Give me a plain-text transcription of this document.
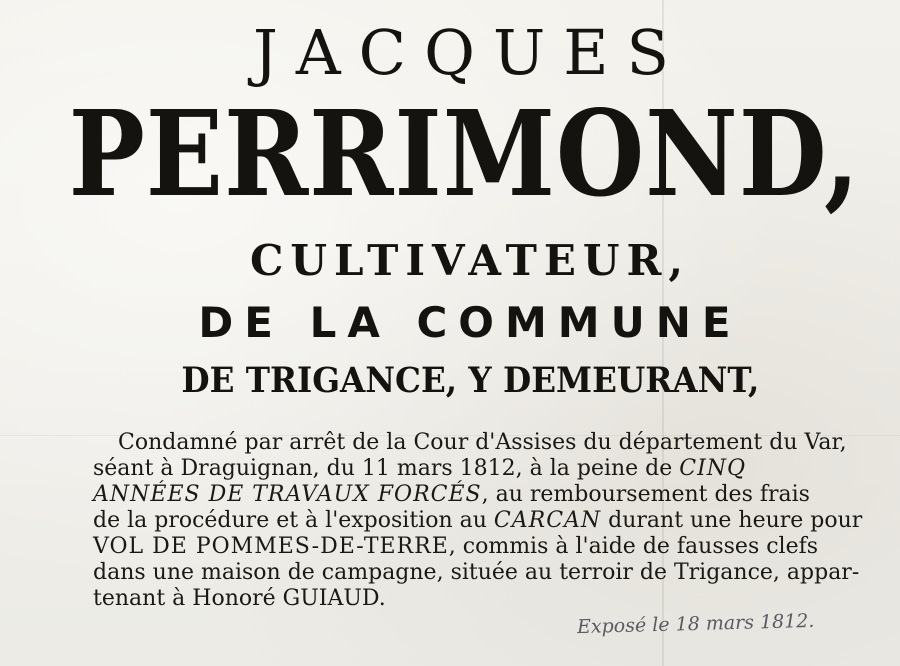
JACQUES
PERRIMOND,
CULTIVATEUR,
DE LA COMMUNE
DE TRIGANCE, Y DEMEURANT,
Condamné par arrêt de la Cour d'Assises du département du Var,
séant à Draguignan, du 11 mars 1812, à la peine de CINQ
ANNÉES DE TRAVAUX FORCÉS, au remboursement des frais
de la procédure et à l'exposition au CARCAN durant une heure pour
VOL DE POMMES-DE-TERRE, commis à l'aide de fausses clefs
dans une maison de campagne, située au terroir de Trigance, appar-
tenant à Honoré GUIAUD.
Exposé le 18 mars 1812.
